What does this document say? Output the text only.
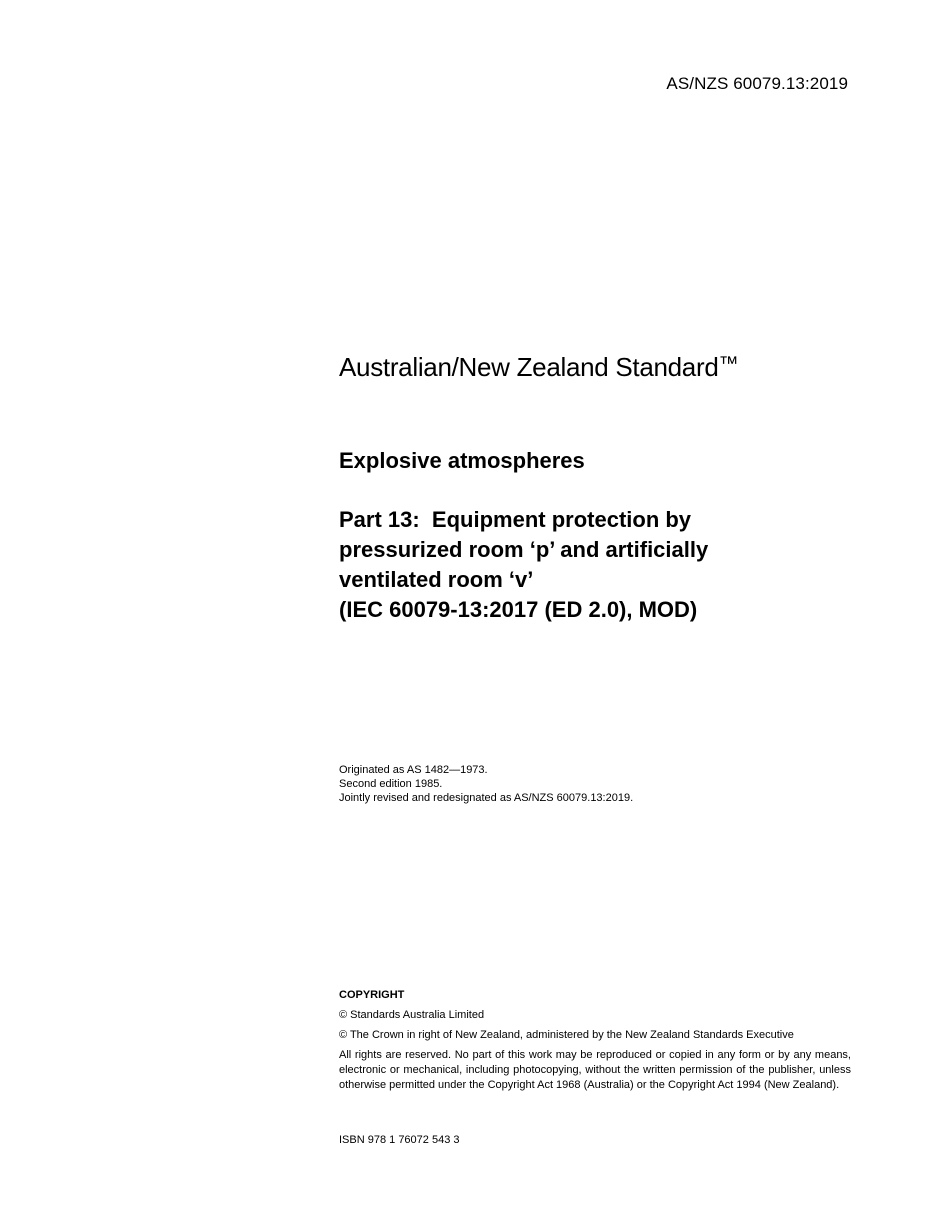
AS/NZS 60079.13:2019
Australian/New Zealand Standard™
Explosive atmospheres
Part 13:  Equipment protection by
pressurized room ‘p’ and artificially
ventilated room ‘v’
(IEC 60079-13:2017 (ED 2.0), MOD)
Originated as AS 1482—1973.
Second edition 1985.
Jointly revised and redesignated as AS/NZS 60079.13:2019.
COPYRIGHT
© Standards Australia Limited
© The Crown in right of New Zealand, administered by the New Zealand Standards Executive
All rights are reserved. No part of this work may be reproduced or copied in any form or by any means, electronic or mechanical, including photocopying, without the written permission of the publisher, unless otherwise permitted under the Copyright Act 1968 (Australia) or the Copyright Act 1994 (New Zealand).
ISBN 978 1 76072 543 3
